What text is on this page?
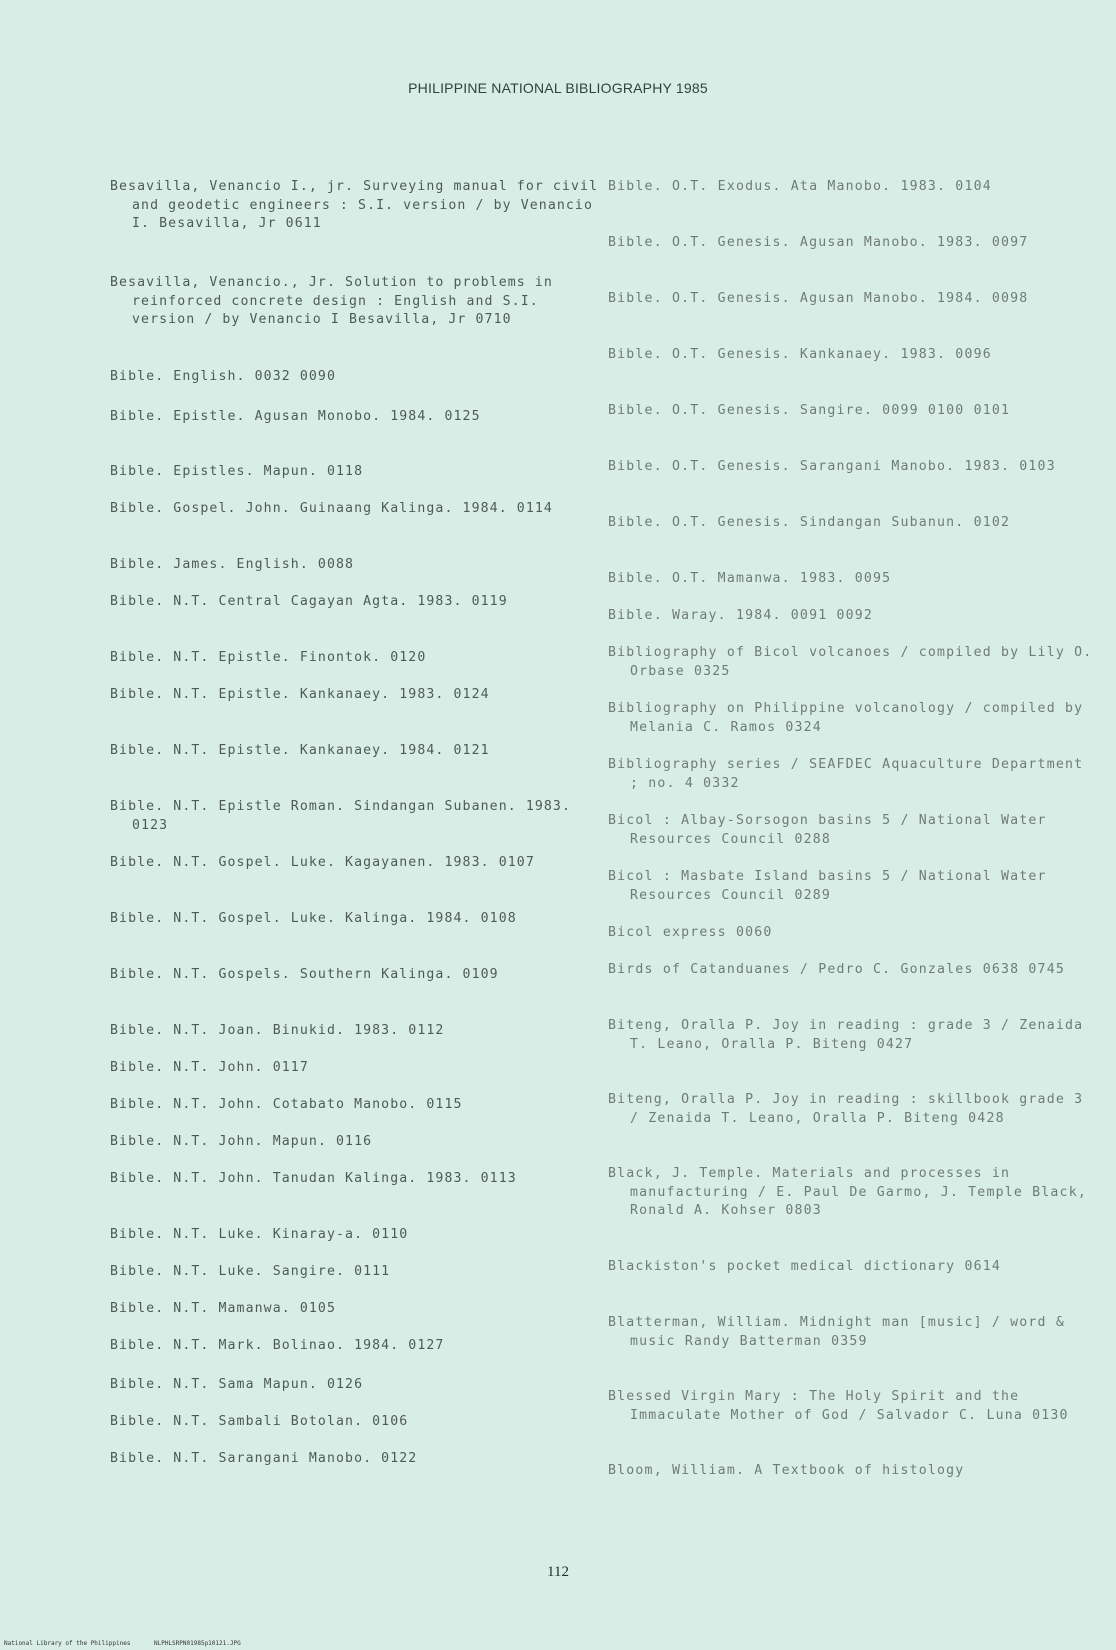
PHILIPPINE NATIONAL BIBLIOGRAPHY 1985
Besavilla, Venancio I., jr. Surveying manual for civil and geodetic engineers : S.I. version / by Venancio I. Besavilla, Jr 0611
Besavilla, Venancio., Jr. Solution to problems in reinforced concrete design : English and S.I. version / by Venancio I Besavilla, Jr 0710
Bible. English. 0032 0090
Bible. Epistle. Agusan Monobo. 1984. 0125
Bible. Epistles. Mapun. 0118
Bible. Gospel. John. Guinaang Kalinga. 1984. 0114
Bible. James. English. 0088
Bible. N.T. Central Cagayan Agta. 1983. 0119
Bible. N.T. Epistle. Finontok. 0120
Bible. N.T. Epistle. Kankanaey. 1983. 0124
Bible. N.T. Epistle. Kankanaey. 1984. 0121
Bible. N.T. Epistle Roman. Sindangan Subanen. 1983. 0123
Bible. N.T. Gospel. Luke. Kagayanen. 1983. 0107
Bible. N.T. Gospel. Luke. Kalinga. 1984. 0108
Bible. N.T. Gospels. Southern Kalinga. 0109
Bible. N.T. Joan. Binukid. 1983. 0112
Bible. N.T. John. 0117
Bible. N.T. John. Cotabato Manobo. 0115
Bible. N.T. John. Mapun. 0116
Bible. N.T. John. Tanudan Kalinga. 1983. 0113
Bible. N.T. Luke. Kinaray-a. 0110
Bible. N.T. Luke. Sangire. 0111
Bible. N.T. Mamanwa. 0105
Bible. N.T. Mark. Bolinao. 1984. 0127
Bible. N.T. Sama Mapun. 0126
Bible. N.T. Sambali Botolan. 0106
Bible. N.T. Sarangani Manobo. 0122
Bible. O.T. Exodus. Ata Manobo. 1983. 0104
Bible. O.T. Genesis. Agusan Manobo. 1983. 0097
Bible. O.T. Genesis. Agusan Manobo. 1984. 0098
Bible. O.T. Genesis. Kankanaey. 1983. 0096
Bible. O.T. Genesis. Sangire. 0099 0100 0101
Bible. O.T. Genesis. Sarangani Manobo. 1983. 0103
Bible. O.T. Genesis. Sindangan Subanun. 0102
Bible. O.T. Mamanwa. 1983. 0095
Bible. Waray. 1984. 0091 0092
Bibliography of Bicol volcanoes / compiled by Lily O. Orbase 0325
Bibliography on Philippine volcanology / compiled by Melania C. Ramos 0324
Bibliography series / SEAFDEC Aquaculture Department ; no. 4 0332
Bicol : Albay-Sorsogon basins 5 / National Water Resources Council 0288
Bicol : Masbate Island basins 5 / National Water Resources Council 0289
Bicol express 0060
Birds of Catanduanes / Pedro C. Gonzales 0638 0745
Biteng, Oralla P. Joy in reading : grade 3 / Zenaida T. Leano, Oralla P. Biteng 0427
Biteng, Oralla P. Joy in reading : skillbook grade 3 / Zenaida T. Leano, Oralla P. Biteng 0428
Black, J. Temple. Materials and processes in manufacturing / E. Paul De Garmo, J. Temple Black, Ronald A. Kohser 0803
Blackiston's pocket medical dictionary 0614
Blatterman, William. Midnight man [music] / word & music Randy Batterman 0359
Blessed Virgin Mary : The Holy Spirit and the Immaculate Mother of God / Salvador C. Luna 0130
Bloom, William. A Textbook of histology
112
National Library of the Philippines	NLPHLSRPN01985p10121.JPG
